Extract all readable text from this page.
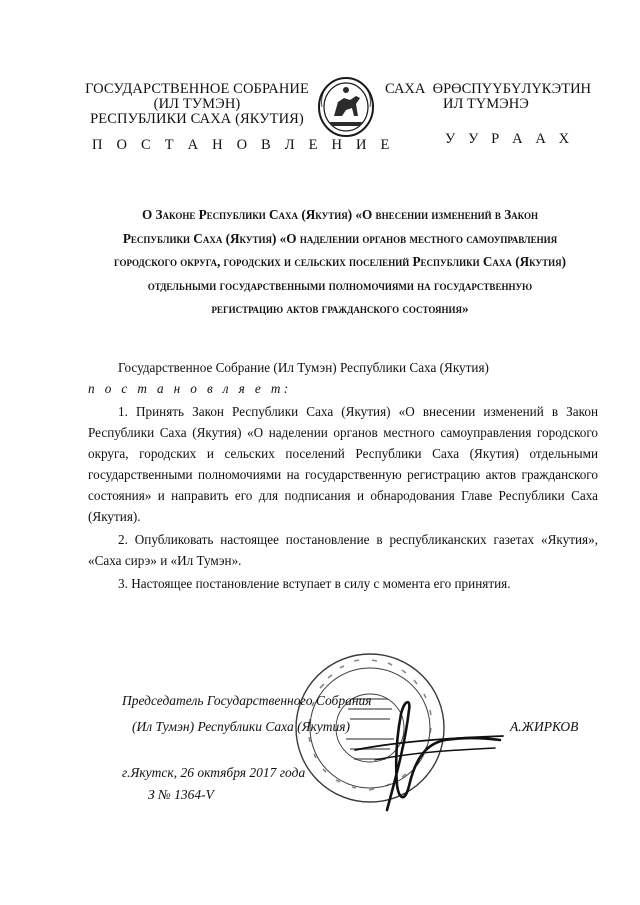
ГОСУДАРСТВЕННОЕ СОБРАНИЕ
(ИЛ ТУМЭН)
РЕСПУБЛИКИ САХА (ЯКУТИЯ)
П О С Т А Н О В Л Е Н И Е
САХА  ӨРӨСПҮҮБҮЛҮКЭТИН
ИЛ ТҮМЭНЭ
У У Р А А Х
О Законе Республики Саха (Якутия) «О внесении изменений в Закон
Республики Саха (Якутия) «О наделении органов местного самоуправления
городского округа, городских и сельских поселений Республики Саха (Якутия)
отдельными государственными полномочиями на государственную
регистрацию актов гражданского состояния»

Государственное Собрание (Ил Тумэн) Республики Саха (Якутия)

п о с т а н о в л я е т:

1. Принять Закон Республики Саха (Якутия) «О внесении изменений в Закон Республики Саха (Якутия) «О наделении органов местного самоуправления городского округа, городских и сельских поселений Республики Саха (Якутия) отдельными государственными полномочиями на государственную регистрацию актов гражданского состояния» и направить его для подписания и обнародования Главе Республики Саха (Якутия).

2. Опубликовать настоящее постановление в республиканских газетах «Якутия», «Саха сирэ» и «Ил Тумэн».

3. Настоящее постановление вступает в силу с момента его принятия.

Председатель Государственного Собрания
(Ил Тумэн) Республики Саха (Якутия)	А.ЖИРКОВ
г.Якутск, 26 октября 2017 года
З № 1364-V
